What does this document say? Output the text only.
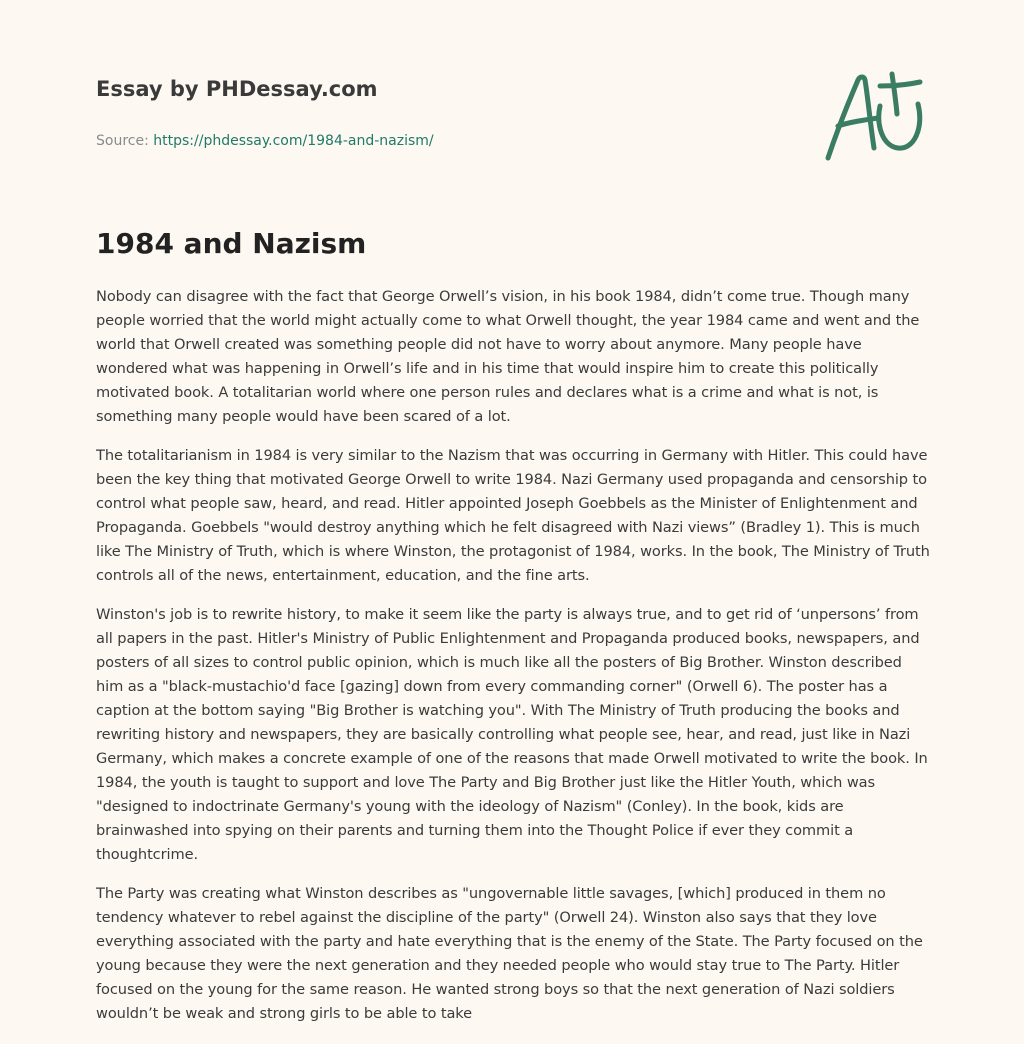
Essay by PHDessay.com
Source: https://phdessay.com/1984-and-nazism/
1984 and Nazism

Nobody can disagree with the fact that George Orwell’s vision, in his book 1984, didn’t come true. Though many people worried that the world might actually come to what Orwell thought, the year 1984 came and went and the world that Orwell created was something people did not have to worry about anymore. Many people have wondered what was happening in Orwell’s life and in his time that would inspire him to create this politically motivated book. A totalitarian world where one person rules and declares what is a crime and what is not, is something many people would have been scared of a lot.

The totalitarianism in 1984 is very similar to the Nazism that was occurring in Germany with Hitler. This could have been the key thing that motivated George Orwell to write 1984. Nazi Germany used propaganda and censorship to control what people saw, heard, and read. Hitler appointed Joseph Goebbels as the Minister of Enlightenment and Propaganda. Goebbels "would destroy anything which he felt disagreed with Nazi views” (Bradley 1). This is much like The Ministry of Truth, which is where Winston, the protagonist of 1984, works. In the book, The Ministry of Truth controls all of the news, entertainment, education, and the fine arts.

Winston's job is to rewrite history, to make it seem like the party is always true, and to get rid of ‘unpersons’ from all papers in the past. Hitler's Ministry of Public Enlightenment and Propaganda produced books, newspapers, and posters of all sizes to control public opinion, which is much like all the posters of Big Brother. Winston described him as a "black-mustachio'd face [gazing] down from every commanding corner" (Orwell 6). The poster has a caption at the bottom saying "Big Brother is watching you". With The Ministry of Truth producing the books and rewriting history and newspapers, they are basically controlling what people see, hear, and read, just like in Nazi Germany, which makes a concrete example of one of the reasons that made Orwell motivated to write the book. In 1984, the youth is taught to support and love The Party and Big Brother just like the Hitler Youth, which was "designed to indoctrinate Germany's young with the ideology of Nazism" (Conley). In the book, kids are brainwashed into spying on their parents and turning them into the Thought Police if ever they commit a thoughtcrime.

The Party was creating what Winston describes as "ungovernable little savages, [which] produced in them no tendency whatever to rebel against the discipline of the party" (Orwell 24). Winston also says that they love everything associated with the party and hate everything that is the enemy of the State. The Party focused on the young because they were the next generation and they needed people who would stay true to The Party. Hitler focused on the young for the same reason. He wanted strong boys so that the next generation of Nazi soldiers wouldn’t be weak and strong girls to be able to take
